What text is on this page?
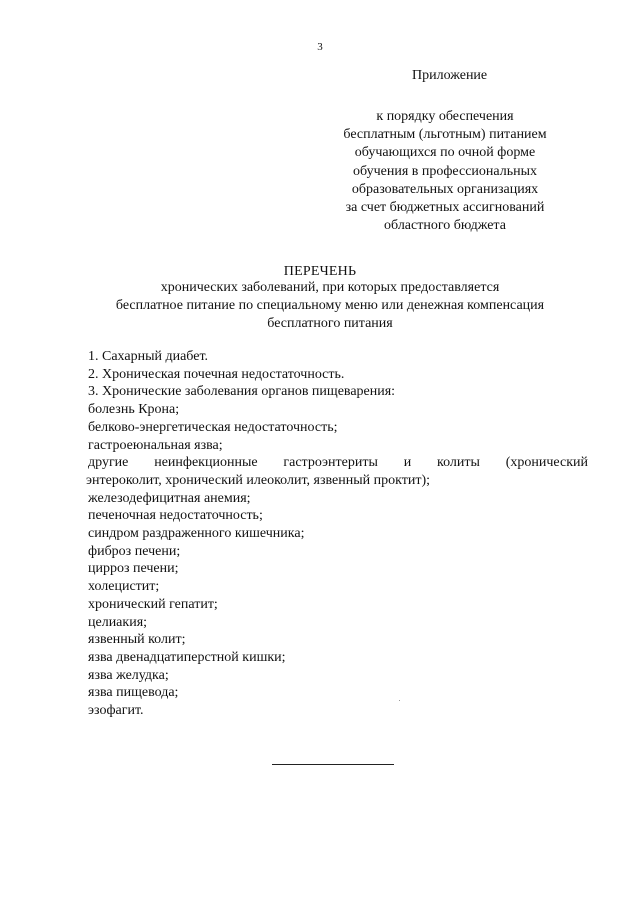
3
Приложение
к порядку обеспечения
бесплатным (льготным) питанием
обучающихся по очной форме
обучения в профессиональных
образовательных организациях
за счет бюджетных ассигнований
областного бюджета
ПЕРЕЧЕНЬ
хронических заболеваний, при которых предоставляется
бесплатное питание по специальному меню или денежная компенсация
бесплатного питания
1. Сахарный диабет.
2. Хроническая почечная недостаточность.
3. Хронические заболевания органов пищеварения:
болезнь Крона;
белково-энергетическая недостаточность;
гастроеюнальная язва;
другие неинфекционные гастроэнтериты и колиты (хронический
энтероколит, хронический илеоколит, язвенный проктит);
железодефицитная анемия;
печеночная недостаточность;
синдром раздраженного кишечника;
фиброз печени;
цирроз печени;
холецистит;
хронический гепатит;
целиакия;
язвенный колит;
язва двенадцатиперстной кишки;
язва желудка;
язва пищевода;
эзофагит.
